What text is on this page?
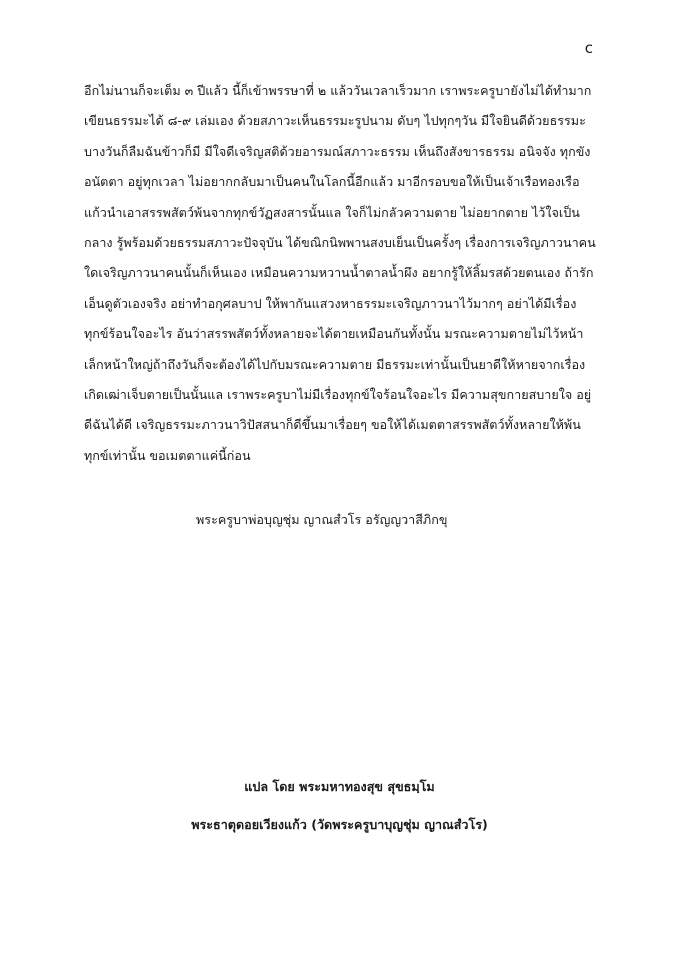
c
อีกไม่นานก็จะเต็ม ๓ ปีแล้ว นี้ก็เข้าพรรษาที่ ๒ แล้ววันเวลาเร็วมาก เราพระครูบายังไม่ได้ทำมาก
เขียนธรรมะได้ ๘-๙ เล่มเอง ด้วยสภาวะเห็นธรรมะรูปนาม ดับๆ ไปทุกๆวัน มีใจยินดีด้วยธรรมะ
บางวันก็ลืมฉันข้าวก็มี มีใจดีเจริญสติด้วยอารมณ์สภาวะธรรม เห็นถึงสังขารธรรม อนิจจัง ทุกขัง
อนัตตา อยู่ทุกเวลา ไม่อยากกลับมาเป็นคนในโลกนี้อีกแล้ว มาอีกรอบขอให้เป็นเจ้าเรือทองเรือ
แก้วนำเอาสรรพสัตว์พ้นจากทุกข์วัฏสงสารนั้นแล ใจก็ไม่กลัวความตาย ไม่อยากตาย ไว้ใจเป็น
กลาง รู้พร้อมด้วยธรรมสภาวะปัจจุบัน ได้ขณิกนิพพานสงบเย็นเป็นครั้งๆ เรื่องการเจริญภาวนาคน
ใดเจริญภาวนาคนนั้นก็เห็นเอง เหมือนความหวานน้ำตาลน้ำผึง อยากรู้ให้ลิ้มรสด้วยตนเอง ถ้ารัก
เอ็นดูตัวเองจริง อย่าทำอกุศลบาป ให้พากันแสวงหาธรรมะเจริญภาวนาไว้มากๆ อย่าได้มีเรื่อง
ทุกข์ร้อนใจอะไร อันว่าสรรพสัตว์ทั้งหลายจะได้ตายเหมือนกันทั้งนั้น มรณะความตายไม่ไว้หน้า
เล็กหน้าใหญ่ถ้าถึงวันก็จะต้องได้ไปกับมรณะความตาย มีธรรมะเท่านั้นเป็นยาดีให้หายจากเรื่อง
เกิดเฒ่าเจ็บตายเป็นนั้นแล เราพระครูบาไม่มีเรื่องทุกข์ใจร้อนใจอะไร มีความสุขกายสบายใจ อยู่
ดีฉันได้ดี เจริญธรรมะภาวนาวิปัสสนาก็ดีขึ้นมาเรื่อยๆ ขอให้ได้เมตตาสรรพสัตว์ทั้งหลายให้พ้น
ทุกข์เท่านั้น ขอเมตตาแค่นี้ก่อน
พระครูบาพ่อบุญชุ่ม ญาณสํวโร อรัญญวาสีภิกขุ
แปล โดย พระมหาทองสุข สุขธมฺโม
พระธาตุดอยเวียงแก้ว (วัดพระครูบาบุญชุ่ม ญาณสํวโร)
